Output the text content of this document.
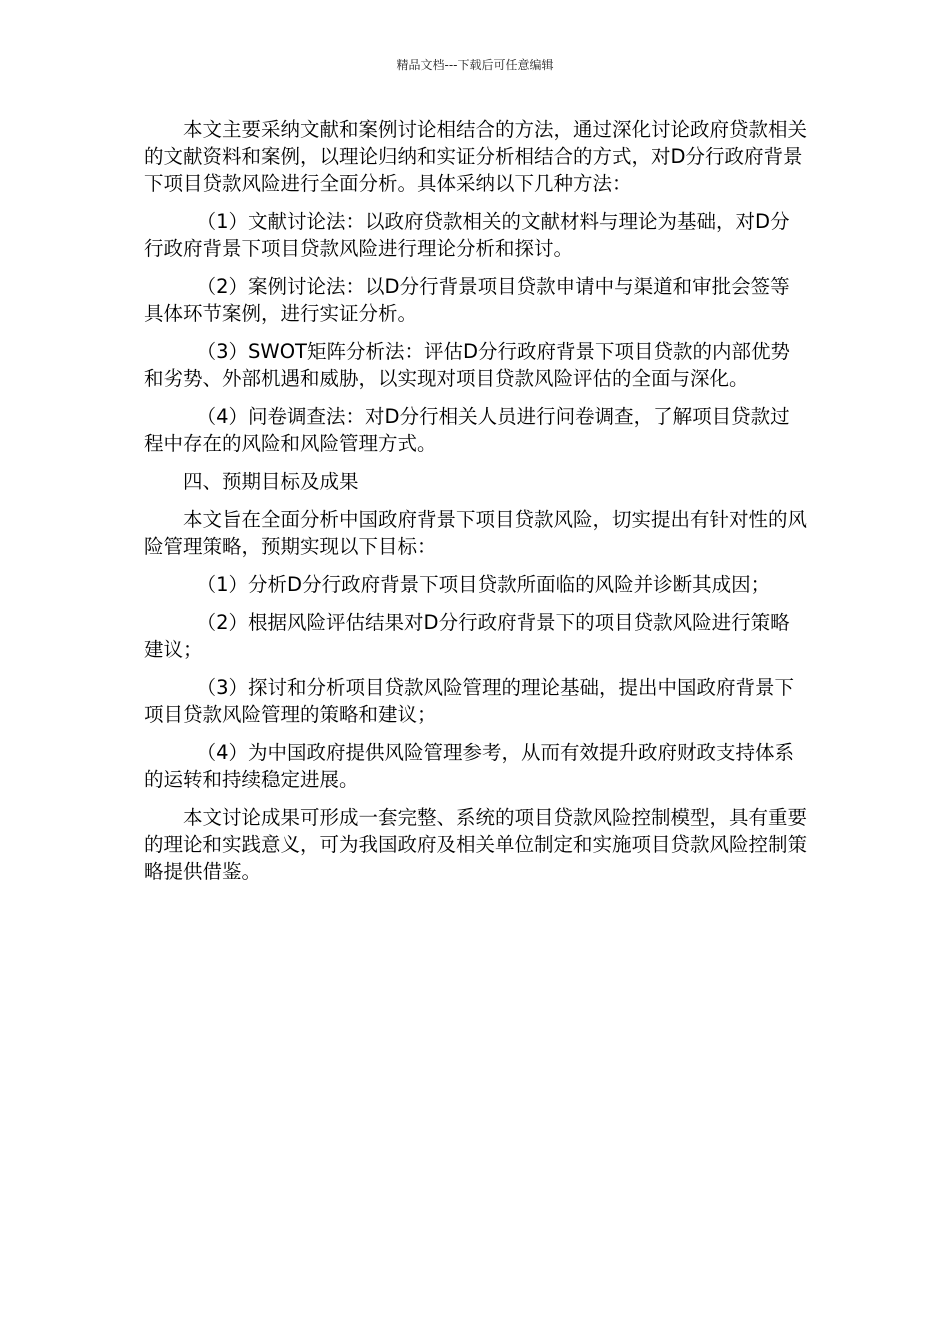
精品文档---下载后可任意编辑

本文主要采纳文献和案例讨论相结合的方法，通过深化讨论政府贷款相关的文献资料和案例，以理论归纳和实证分析相结合的方式，对D分行政府背景下项目贷款风险进行全面分析。具体采纳以下几种方法：

（1）文献讨论法：以政府贷款相关的文献材料与理论为基础，对D分行政府背景下项目贷款风险进行理论分析和探讨。

（2）案例讨论法：以D分行背景项目贷款申请中与渠道和审批会签等具体环节案例，进行实证分析。

（3）SWOT矩阵分析法：评估D分行政府背景下项目贷款的内部优势和劣势、外部机遇和威胁，以实现对项目贷款风险评估的全面与深化。

（4）问卷调查法：对D分行相关人员进行问卷调查，了解项目贷款过程中存在的风险和风险管理方式。

四、预期目标及成果

本文旨在全面分析中国政府背景下项目贷款风险，切实提出有针对性的风险管理策略，预期实现以下目标：

（1）分析D分行政府背景下项目贷款所面临的风险并诊断其成因；

（2）根据风险评估结果对D分行政府背景下的项目贷款风险进行策略建议；

（3）探讨和分析项目贷款风险管理的理论基础，提出中国政府背景下项目贷款风险管理的策略和建议；

（4）为中国政府提供风险管理参考，从而有效提升政府财政支持体系的运转和持续稳定进展。

本文讨论成果可形成一套完整、系统的项目贷款风险控制模型，具有重要的理论和实践意义，可为我国政府及相关单位制定和实施项目贷款风险控制策略提供借鉴。
